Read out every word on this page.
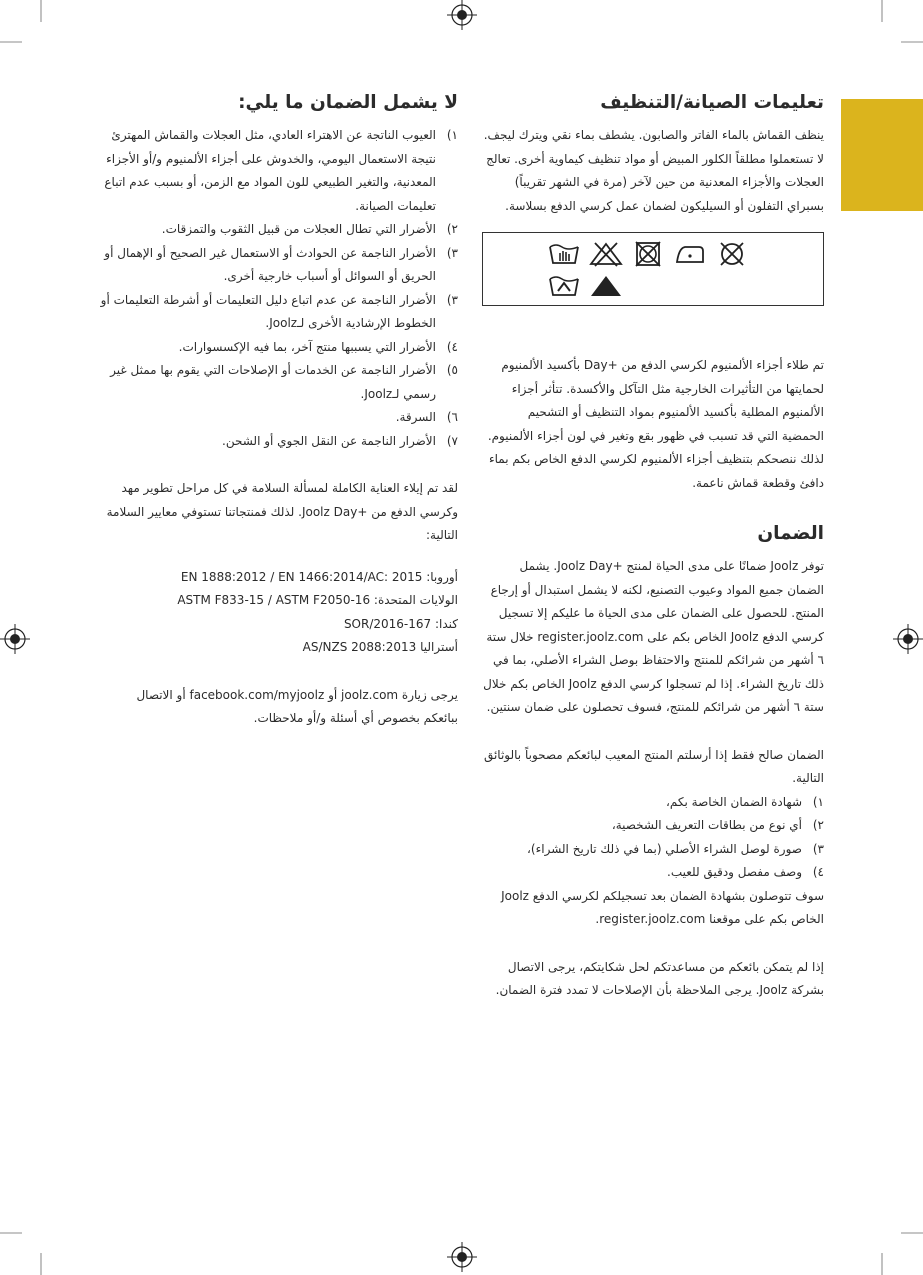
تعليمات الصيانة/التنظيف

ينظف القماش بالماء الفاتر والصابون. يشطف بماء نقي ويترك ليجف. لا تستعملوا مطلقاً الكلور المبيض أو مواد تنظيف كيماوية أخرى. تعالج العجلات والأجزاء المعدنية من حين لآخر (مرة في الشهر تقريباً) بسبراي التفلون أو السيليكون لضمان عمل كرسي الدفع بسلاسة.

تم طلاء أجزاء الألمنيوم لكرسي الدفع من +Day بأكسيد الألمنيوم لحمايتها من التأثيرات الخارجية مثل التآكل والأكسدة. تتأثر أجزاء الألمنيوم المطلية بأكسيد الألمنيوم بمواد التنظيف أو التشحيم الحمضية التي قد تسبب في ظهور بقع وتغير في لون أجزاء الألمنيوم. لذلك ننصحكم بتنظيف أجزاء الألمنيوم لكرسي الدفع الخاص بكم بماء دافئ وقطعة قماش ناعمة.

الضمان

توفر Joolz ضمانًا على مدى الحياة لمنتج +Joolz Day. يشمل الضمان جميع المواد وعيوب التصنيع، لكنه لا يشمل استبدال أو إرجاع المنتج. للحصول على الضمان على مدى الحياة ما عليكم إلا تسجيل كرسي الدفع Joolz الخاص بكم على register.joolz.com خلال ستة ٦ أشهر من شرائكم للمنتج والاحتفاظ بوصل الشراء الأصلي، بما في ذلك تاريخ الشراء. إذا لم تسجلوا كرسي الدفع Joolz الخاص بكم خلال ستة ٦ أشهر من شرائكم للمنتج، فسوف تحصلون على ضمان سنتين.

الضمان صالح فقط إذا أرسلتم المنتج المعيب لبائعكم مصحوباً بالوثائق التالية.

١)
شهادة الضمان الخاصة بكم،
٢)
أي نوع من بطاقات التعريف الشخصية،
٣)
صورة لوصل الشراء الأصلي (بما في ذلك تاريخ الشراء)،
٤)
وصف مفصل ودقيق للعيب.

سوف تتوصلون بشهادة الضمان بعد تسجيلكم لكرسي الدفع Joolz الخاص بكم على موقعنا register.joolz.com.

إذا لم يتمكن بائعكم من مساعدتكم لحل شكايتكم، يرجى الاتصال بشركة Joolz. يرجى الملاحظة بأن الإصلاحات لا تمدد فترة الضمان.

لا يشمل الضمان ما يلي:
١)
العيوب الناتجة عن الاهتراء العادي، مثل العجلات والقماش المهترئ نتيجة الاستعمال اليومي، والخدوش على أجزاء الألمنيوم و/أو الأجزاء المعدنية، والتغير الطبيعي للون المواد مع الزمن، أو بسبب عدم اتباع تعليمات الصيانة.
٢)
الأضرار التي تطال العجلات من قبيل الثقوب والتمزقات.
٣)
الأضرار الناجمة عن الحوادث أو الاستعمال غير الصحيح أو الإهمال أو الحريق أو السوائل أو أسباب خارجية أخرى.
٣)
الأضرار الناجمة عن عدم اتباع دليل التعليمات أو أشرطة التعليمات أو الخطوط الإرشادية الأخرى لـJoolz.
٤)
الأضرار التي يسببها منتج آخر، بما فيه الإكسسوارات.
٥)
الأضرار الناجمة عن الخدمات أو الإصلاحات التي يقوم بها ممثل غير رسمي لـJoolz.
٦)
السرقة.
٧)
الأضرار الناجمة عن النقل الجوي أو الشحن.

لقد تم إيلاء العناية الكاملة لمسألة السلامة في كل مراحل تطوير مهد وكرسي الدفع من +Joolz Day. لذلك فمنتجاتنا تستوفي معايير السلامة التالية:

أوروبا: EN 1888:2012 / EN 1466:2014/AC: 2015
الولايات المتحدة: ASTM F833-15 / ASTM F2050-16
كندا: SOR/2016-167
أستراليا AS/NZS 2088:2013

يرجى زيارة joolz.com أو facebook.com/myjoolz أو الاتصال ببائعكم بخصوص أي أسئلة و/أو ملاحظات.
